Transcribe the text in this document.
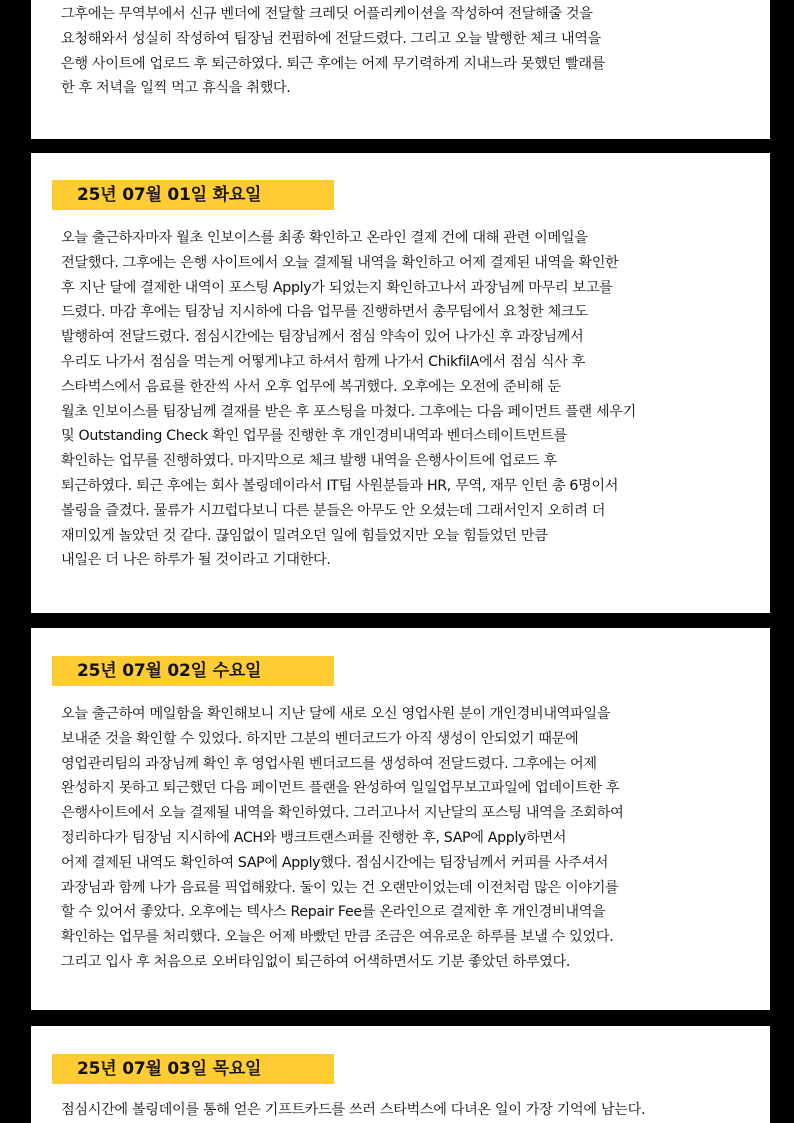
그후에는 무역부에서 신규 벤더에 전달할 크레딧 어플리케이션을 작성하여 전달해줄 것을
요청해와서 성실히 작성하여 팀장님 컨펌하에 전달드렸다. 그리고 오늘 발행한 체크 내역을
은행 사이트에 업로드 후 퇴근하였다. 퇴근 후에는 어제 무기력하게 지내느라 못했던 빨래를
한 후 저녁을 일찍 먹고 휴식을 취했다.
25년 07월 01일 화요일
오늘 출근하자마자 월초 인보이스를 최종 확인하고 온라인 결제 건에 대해 관련 이메일을
전달했다. 그후에는 은행 사이트에서 오늘 결제될 내역을 확인하고 어제 결제된 내역을 확인한
후 지난 달에 결제한 내역이 포스팅 Apply가 되었는지 확인하고나서 과장님께 마무리 보고를
드렸다. 마감 후에는 팀장님 지시하에 다음 업무를 진행하면서 총무팀에서 요청한 체크도
발행하여 전달드렸다. 점심시간에는 팀장님께서 점심 약속이 있어 나가신 후 과장님께서
우리도 나가서 점심을 먹는게 어떻게냐고 하셔서 함께 나가서 ChikfilA에서 점심 식사 후
스타벅스에서 음료를 한잔씩 사서 오후 업무에 복귀했다. 오후에는 오전에 준비해 둔
월초 인보이스를 팀장님께 결재를 받은 후 포스팅을 마쳤다. 그후에는 다음 페이먼트 플랜 세우기
및 Outstanding Check 확인 업무를 진행한 후 개인경비내역과 벤더스테이트먼트를
확인하는 업무를 진행하였다. 마지막으로 체크 발행 내역을 은행사이트에 업로드 후
퇴근하였다. 퇴근 후에는 회사 볼링데이라서 IT팀 사원분들과 HR, 무역, 재무 인턴 총 6명이서
볼링을 즐겼다. 물류가 시끄럽다보니 다른 분들은 아무도 안 오셨는데 그래서인지 오히려 더
재미있게 놀았던 것 같다. 끊임없이 밀려오던 일에 힘들었지만 오늘 힘들었던 만큼
내일은 더 나은 하루가 될 것이라고 기대한다.
25년 07월 02일 수요일
오늘 출근하여 메일함을 확인해보니 지난 달에 새로 오신 영업사원 분이 개인경비내역파일을
보내준 것을 확인할 수 있었다. 하지만 그분의 벤더코드가 아직 생성이 안되었기 때문에
영업관리팀의 과장님께 확인 후 영업사원 벤더코드를 생성하여 전달드렸다. 그후에는 어제
완성하지 못하고 퇴근했던 다음 페이먼트 플랜을 완성하여 일일업무보고파일에 업데이트한 후
은행사이트에서 오늘 결제될 내역을 확인하였다. 그러고나서 지난달의 포스팅 내역을 조회하여
정리하다가 팀장님 지시하에 ACH와 뱅크트랜스퍼를 진행한 후, SAP에 Apply하면서
어제 결제된 내역도 확인하여 SAP에 Apply했다. 점심시간에는 팀장님께서 커피를 사주셔서
과장님과 함께 나가 음료를 픽업해왔다. 둘이 있는 건 오랜만이었는데 이전처럼 많은 이야기를
할 수 있어서 좋았다. 오후에는 텍사스 Repair Fee를 온라인으로 결제한 후 개인경비내역을
확인하는 업무를 처리했다. 오늘은 어제 바빴던 만큼 조금은 여유로운 하루를 보낼 수 있었다.
그리고 입사 후 처음으로 오버타임없이 퇴근하여 어색하면서도 기분 좋았던 하루였다.
25년 07월 03일 목요일
점심시간에 볼링데이를 통해 얻은 기프트카드를 쓰러 스타벅스에 다녀온 일이 가장 기억에 남는다.
